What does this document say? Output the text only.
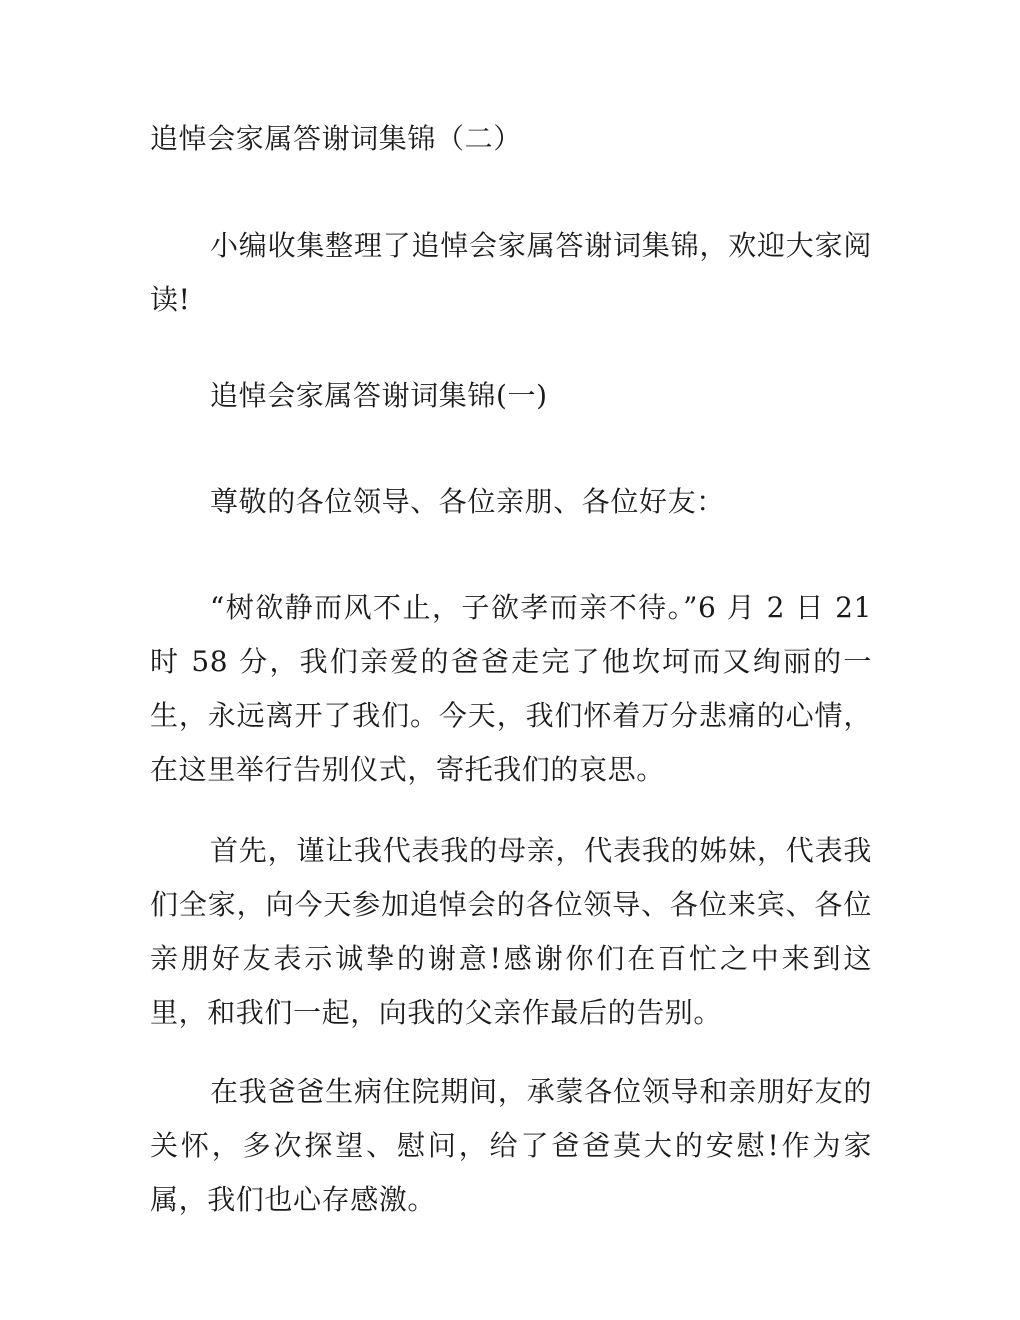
追悼会家属答谢词集锦（二）

小编收集整理了追悼会家属答谢词集锦，欢迎大家阅读!

追悼会家属答谢词集锦(一)

尊敬的各位领导、各位亲朋、各位好友：

“树欲静而风不止，子欲孝而亲不待。”6 月 2 日 21 时 58 分，我们亲爱的爸爸走完了他坎坷而又绚丽的一生，永远离开了我们。今天，我们怀着万分悲痛的心情，在这里举行告别仪式，寄托我们的哀思。

首先，谨让我代表我的母亲，代表我的姊妹，代表我们全家，向今天参加追悼会的各位领导、各位来宾、各位亲朋好友表示诚挚的谢意!感谢你们在百忙之中来到这里，和我们一起，向我的父亲作最后的告别。

在我爸爸生病住院期间，承蒙各位领导和亲朋好友的关怀，多次探望、慰问，给了爸爸莫大的安慰!作为家属，我们也心存感激。
